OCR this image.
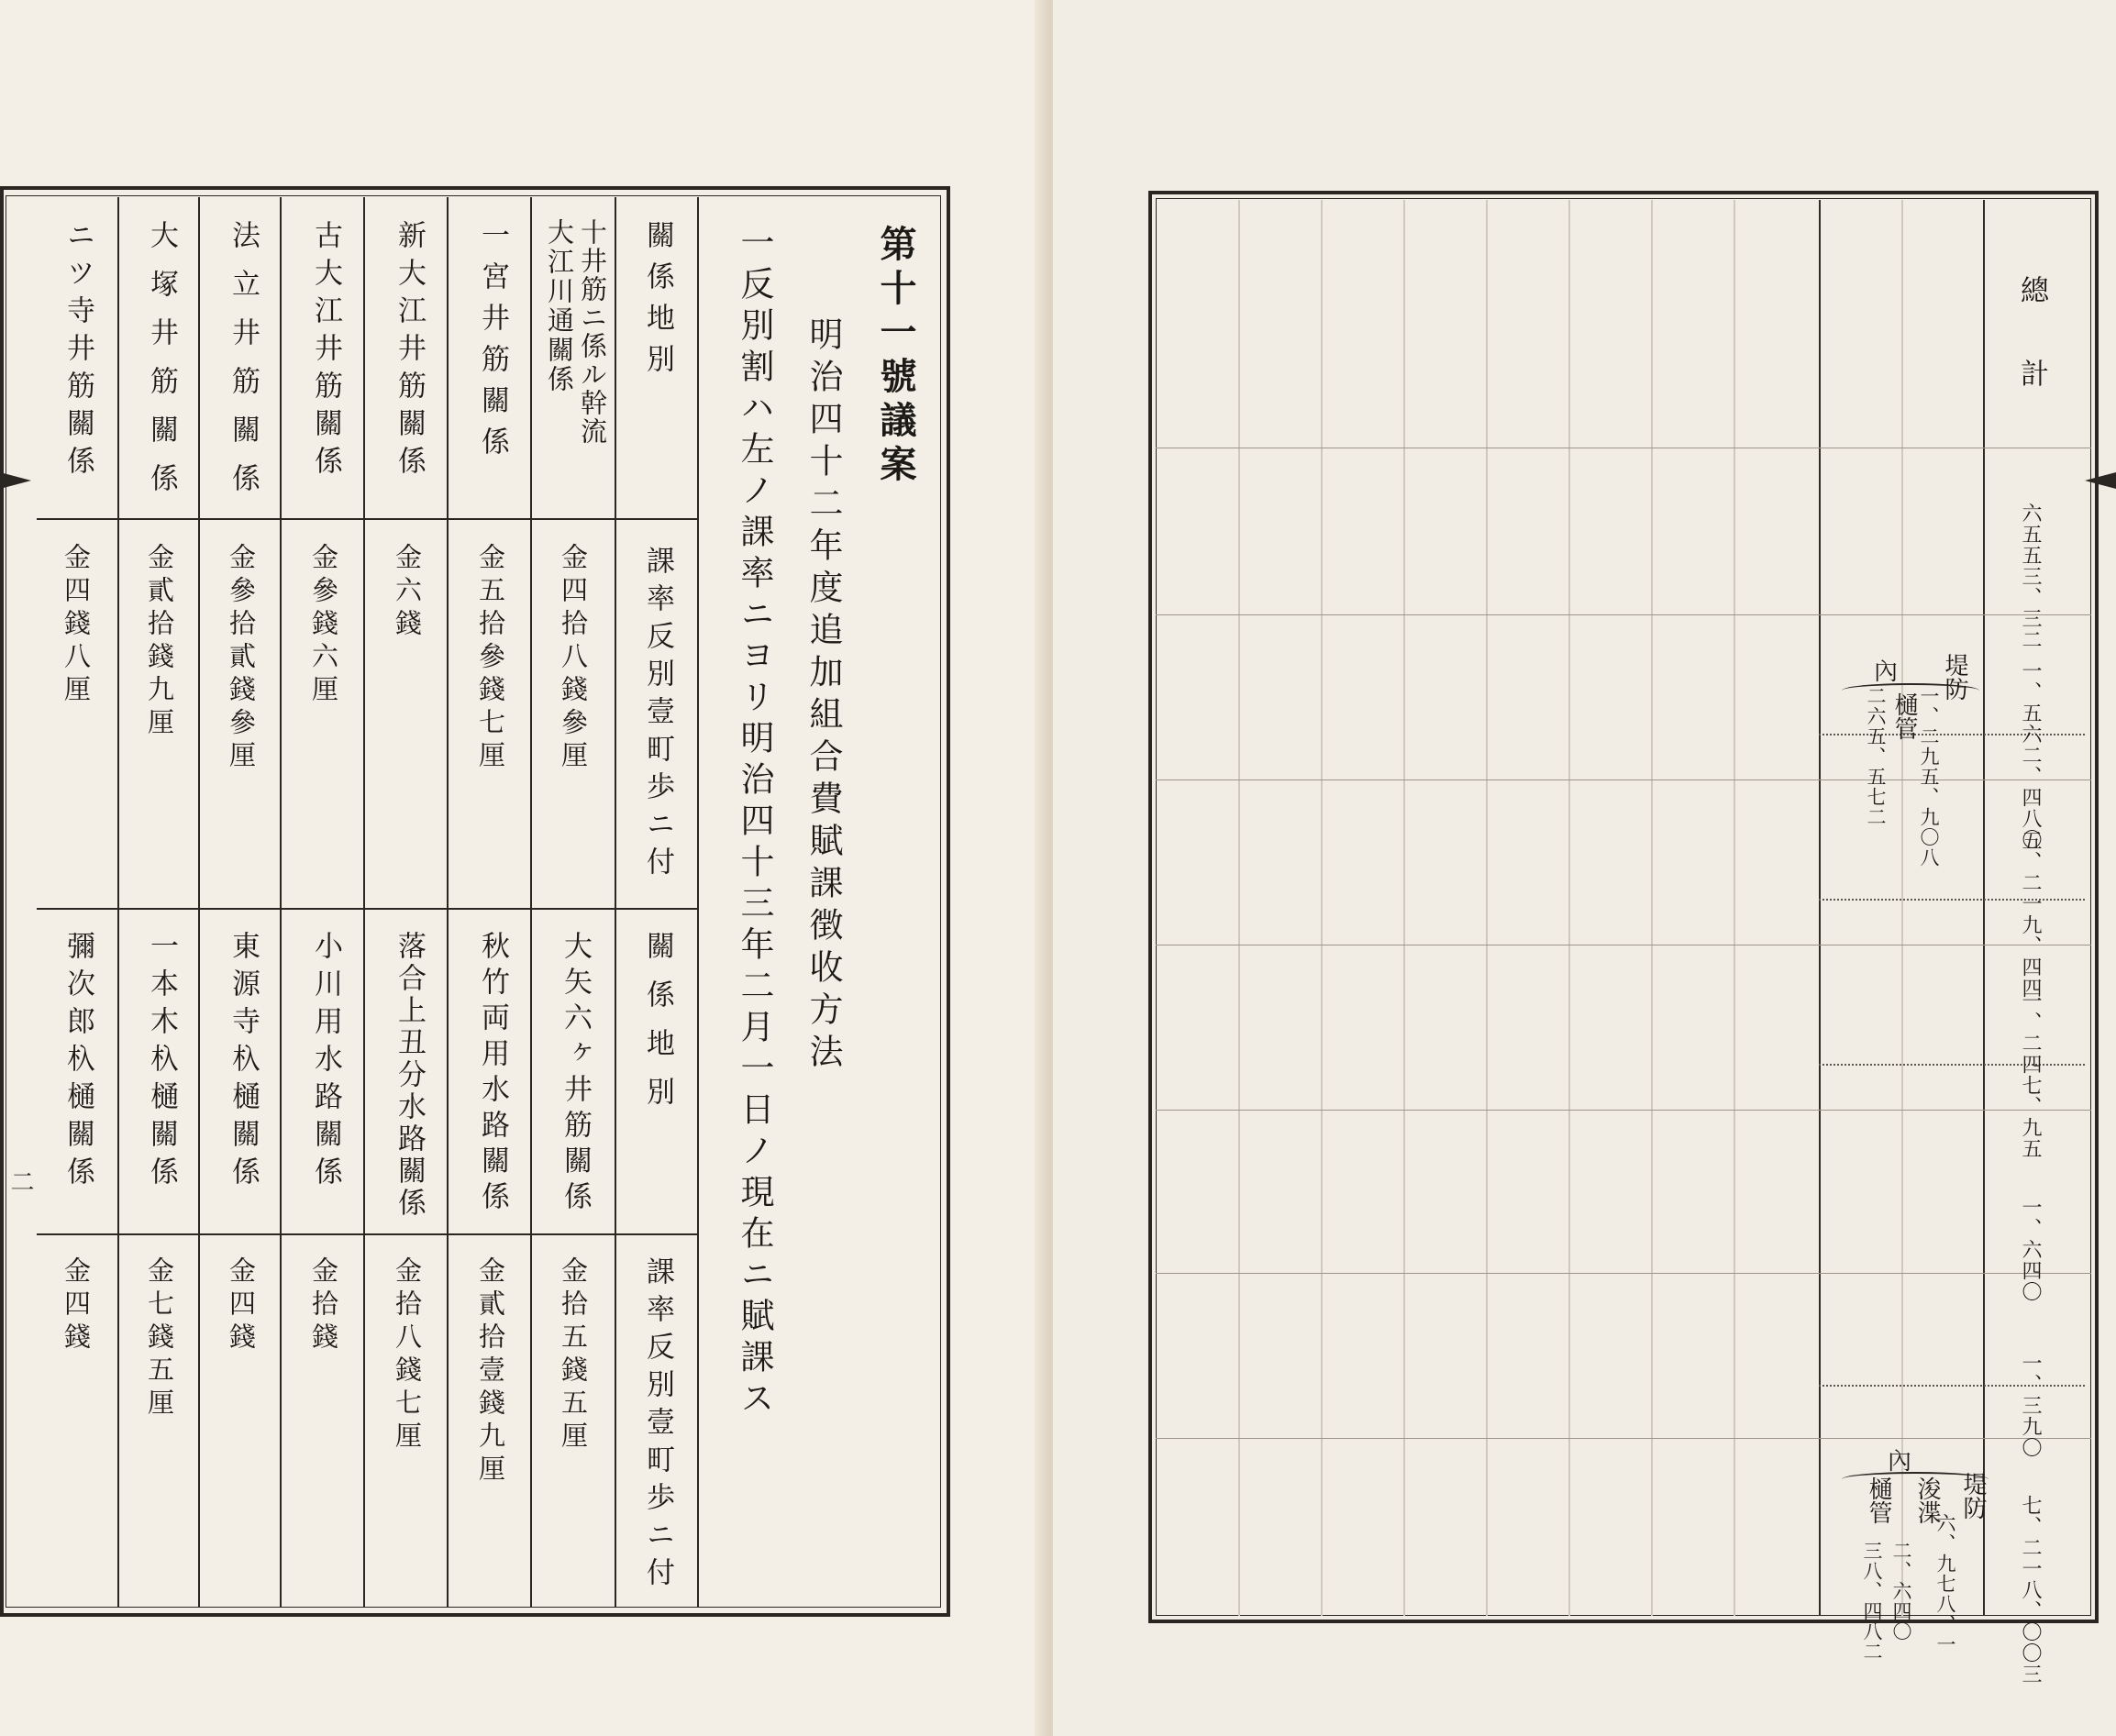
第十一號議案
明治四十二年度追加組合費賦課徴收方法
一反別割ハ左ノ課率ニヨリ明治四十三年二月一日ノ現在ニ賦課ス
關係地別
課率反別壹町歩ニ付
關係地別
課率反別壹町歩ニ付
十井筋ニ係ル幹流
大江川通關係
金四拾八錢參厘
一宮井筋關係
金五拾參錢七厘
新大江井筋關係
金六錢
古大江井筋關係
金參錢六厘
法立井筋關係
金參拾貳錢參厘
大塚井筋關係
金貳拾錢九厘
ニツ寺井筋關係
金四錢八厘
大矢六ヶ井筋關係
金拾五錢五厘
秋竹両用水路關係
金貳拾壹錢九厘
落合上丑分水路關係
金拾八錢七厘
小川用水路關係
金拾錢
東源寺杁樋關係
金四錢
一本木杁樋關係
金七錢五厘
彌次郎杁樋關係
金四錢
二
總計
六五五三、三二
一、五六二、四八〇
五、二一九、四四
一、二四七、九五
一、六四〇
一、三九〇
七、二一八、〇〇三
內 堤防
一、二九五、九〇八
樋管
二六五、五七二
內
堤防
六、九七八、一
浚渫
二、六四〇
樋管
三八、四八二
